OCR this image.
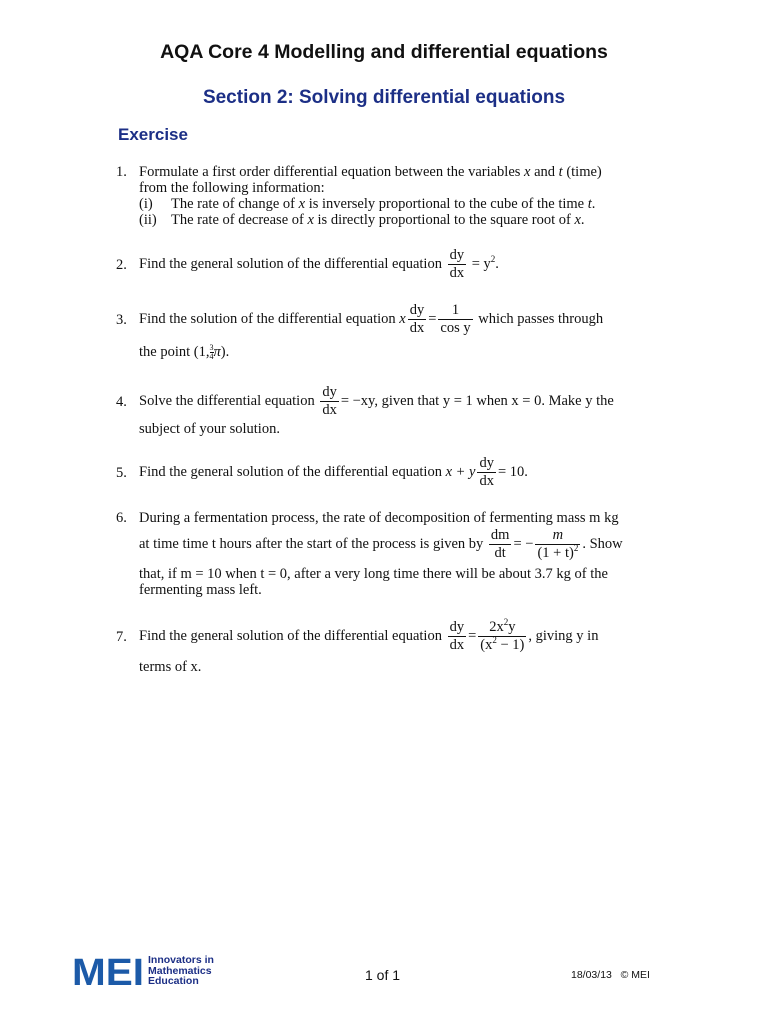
AQA Core 4 Modelling and differential equations
Section 2: Solving differential equations
Exercise
1. Formulate a first order differential equation between the variables x and t (time)
from the following information:
(i) The rate of change of x is inversely proportional to the cube of the time t.
(ii) The rate of decrease of x is directly proportional to the square root of x.
2. Find the general solution of the differential equation $\frac{dy}{dx} = y^2$.
3. Find the solution of the differential equation x $\frac{dy}{dx} = \frac{1}{\text{cos y}}$ which passes through
the point (1, $\frac{3}{4} \pi$).
4. Solve the differential equation $\frac{dy}{dx} = -xy$, given that y = 1 when x = 0. Make y the
subject of your solution.
5. Find the general solution of the differential equation x + y $\frac{dy}{dx} = 10$.
6. During a fermentation process, the rate of decomposition of fermenting mass m kg
at time time t hours after the start of the process is given by $\frac{dm}{dt}$ = − $\frac{m}{(1 + t)^2}$ . Show
that, if m = 10 when t = 0, after a very long time there will be about 3.7 kg of the
fermenting mass left.
7. Find the general solution of the differential equation $\frac{dy}{dx} = \frac{2x^2y}{(x^2 - 1)}$ , giving y in
terms of x.
MEI Innovators in
Mathematics
Education	1 of 1	18/03/13   © MEI
